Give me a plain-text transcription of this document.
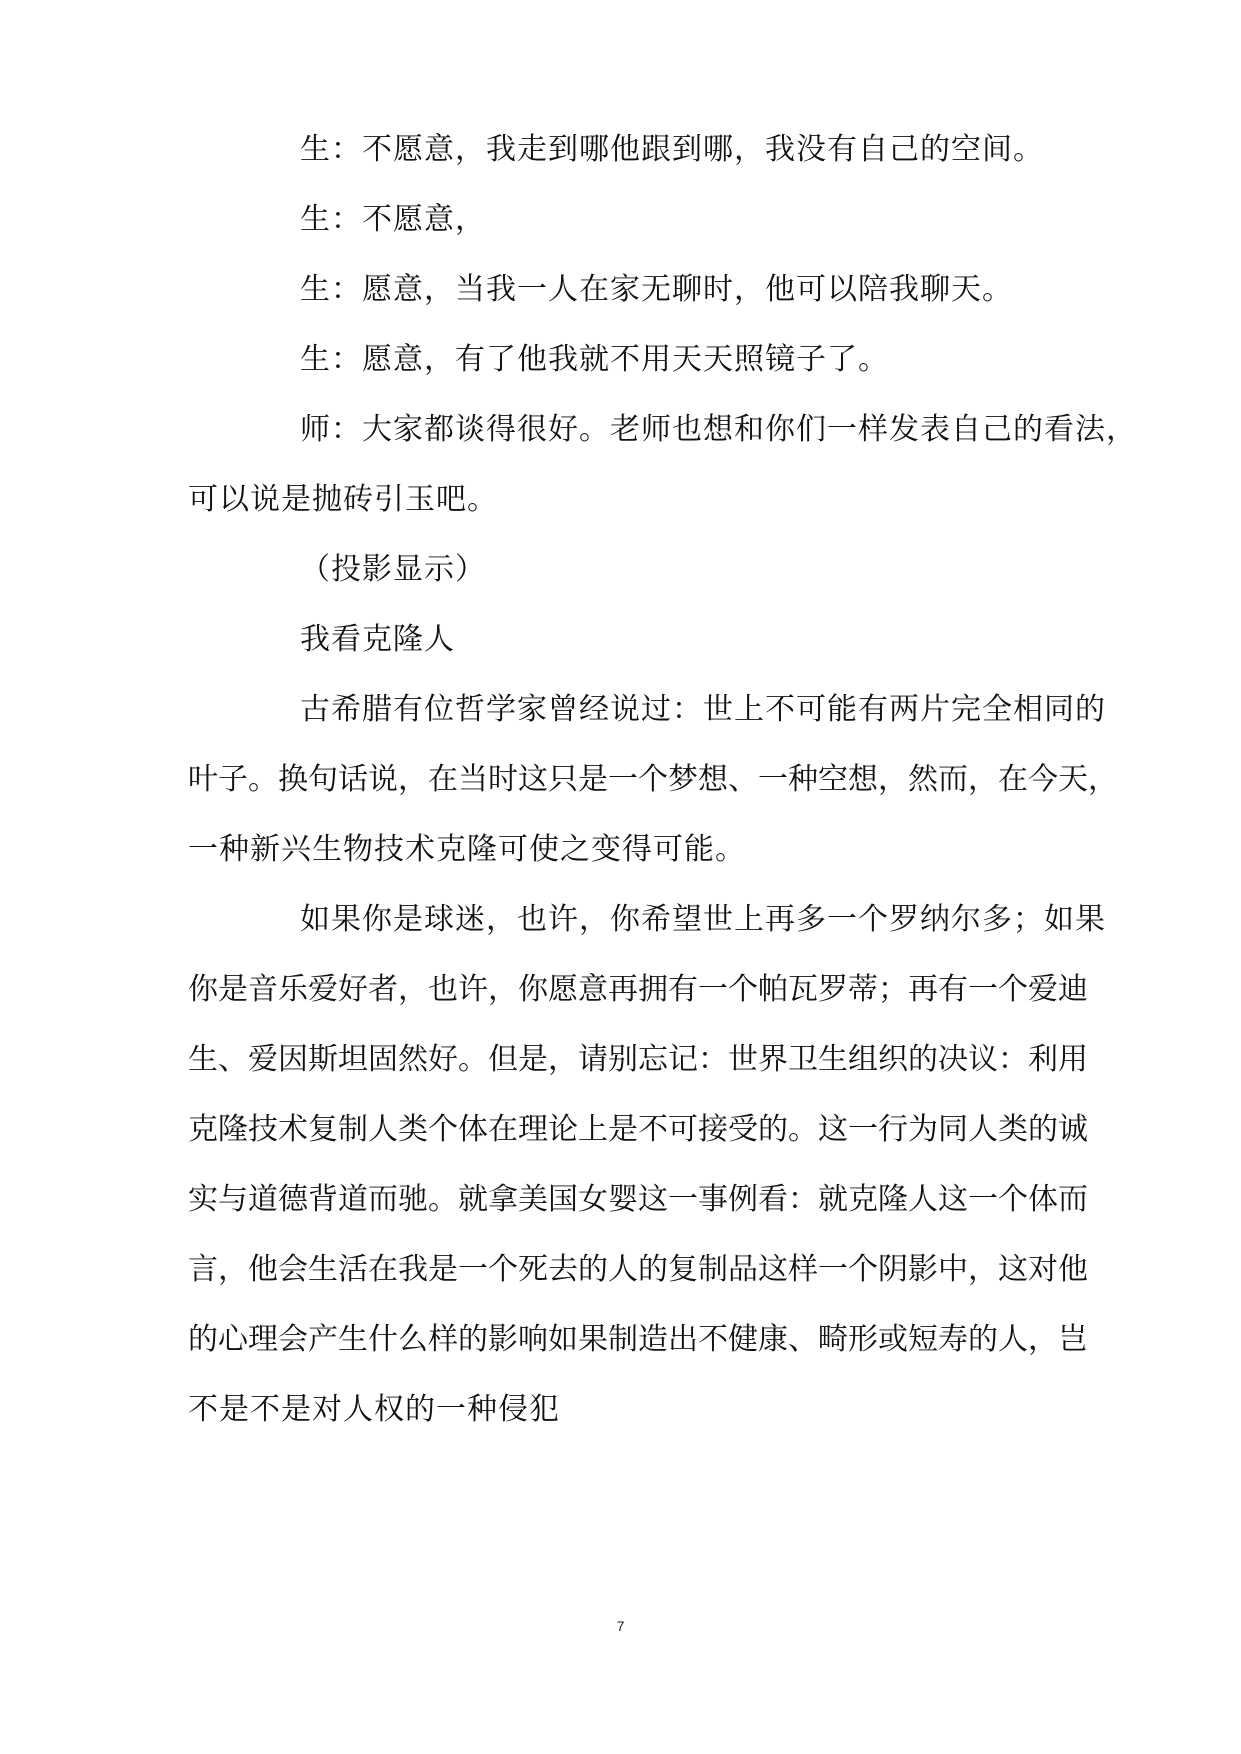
生：不愿意，我走到哪他跟到哪，我没有自己的空间。
生：不愿意，
生：愿意，当我一人在家无聊时，他可以陪我聊天。
生：愿意，有了他我就不用天天照镜子了。
师：大家都谈得很好。老师也想和你们一样发表自己的看法，
可以说是抛砖引玉吧。
（投影显示）
我看克隆人
古希腊有位哲学家曾经说过：世上不可能有两片完全相同的
叶子。换句话说，在当时这只是一个梦想、一种空想，然而，在今天，
一种新兴生物技术克隆可使之变得可能。
如果你是球迷，也许，你希望世上再多一个罗纳尔多；如果
你是音乐爱好者，也许，你愿意再拥有一个帕瓦罗蒂；再有一个爱迪
生、爱因斯坦固然好。但是，请别忘记：世界卫生组织的决议：利用
克隆技术复制人类个体在理论上是不可接受的。这一行为同人类的诚
实与道德背道而驰。就拿美国女婴这一事例看：就克隆人这一个体而
言，他会生活在我是一个死去的人的复制品这样一个阴影中，这对他
的心理会产生什么样的影响如果制造出不健康、畸形或短寿的人，岂
不是不是对人权的一种侵犯
7
